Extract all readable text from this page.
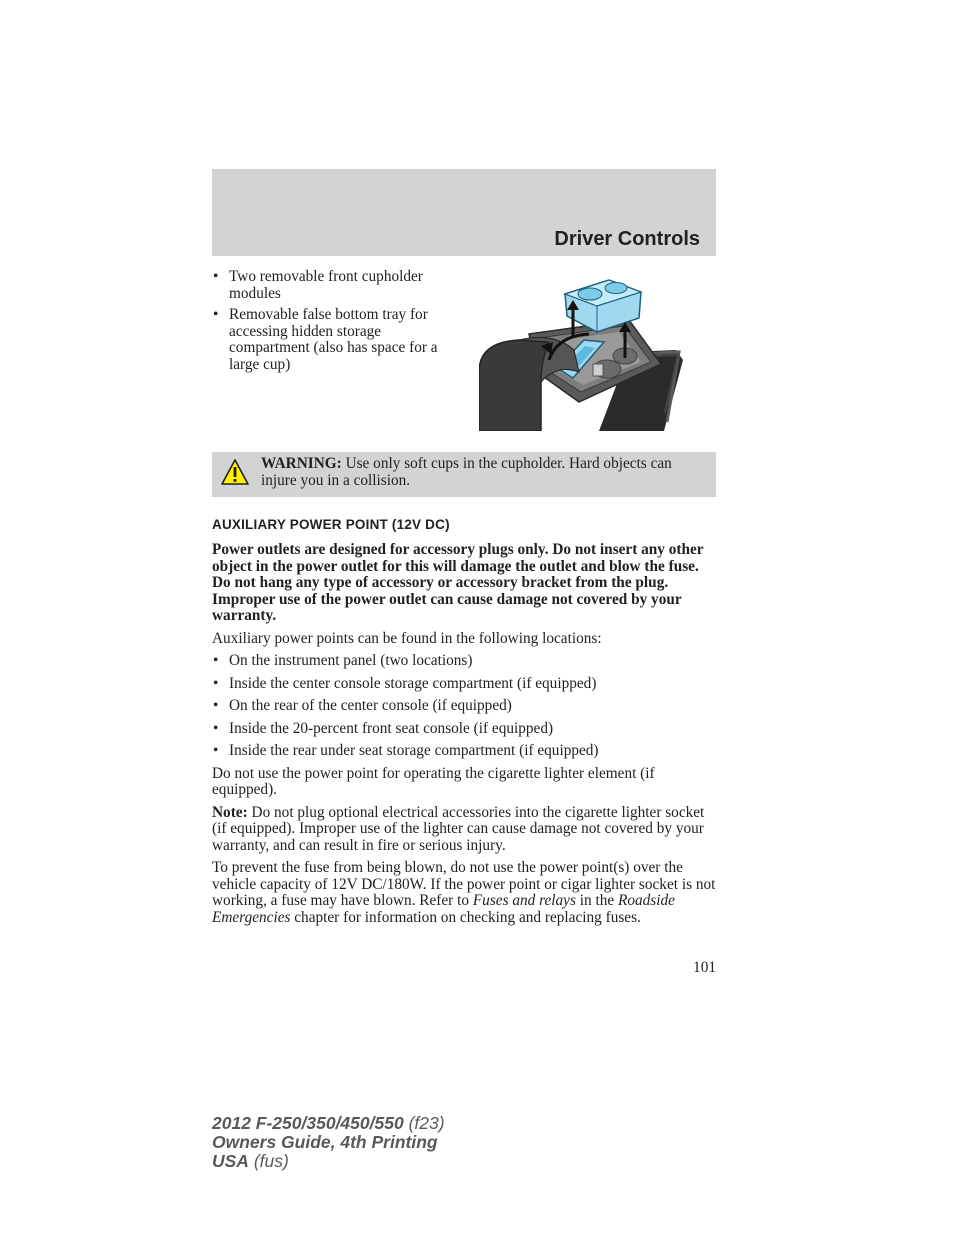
Driver Controls
• Two removable front cupholder modules
• Removable false bottom tray for accessing hidden storage compartment (also has space for a large cup)
WARNING: Use only soft cups in the cupholder. Hard objects can injure you in a collision.
AUXILIARY POWER POINT (12V DC)

Power outlets are designed for accessory plugs only. Do not insert any other object in the power outlet for this will damage the outlet and blow the fuse. Do not hang any type of accessory or accessory bracket from the plug. Improper use of the power outlet can cause damage not covered by your warranty.

Auxiliary power points can be found in the following locations:

• On the instrument panel (two locations)
• Inside the center console storage compartment (if equipped)
• On the rear of the center console (if equipped)
• Inside the 20-percent front seat console (if equipped)
• Inside the rear under seat storage compartment (if equipped)

Do not use the power point for operating the cigarette lighter element (if equipped).

Note: Do not plug optional electrical accessories into the cigarette lighter socket (if equipped). Improper use of the lighter can cause damage not covered by your warranty, and can result in fire or serious injury.

To prevent the fuse from being blown, do not use the power point(s) over the vehicle capacity of 12V DC/180W. If the power point or cigar lighter socket is not working, a fuse may have blown. Refer to Fuses and relays in the Roadside Emergencies chapter for information on checking and replacing fuses.

101
2012 F-250/350/450/550 (f23)
Owners Guide, 4th Printing
USA (fus)
